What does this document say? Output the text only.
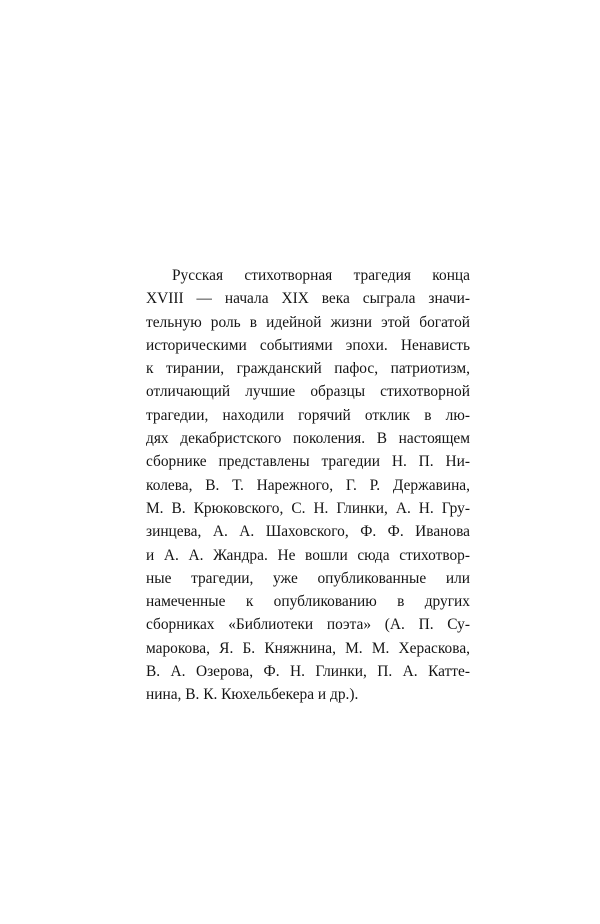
Русская стихотворная трагедия конца
XVIII — начала XIX века сыграла значи-
тельную роль в идейной жизни этой богатой
историческими событиями эпохи. Ненависть
к тирании, гражданский пафос, патриотизм,
отличающий лучшие образцы стихотворной
трагедии, находили горячий отклик в лю-
дях декабристского поколения. В настоящем
сборнике представлены трагедии Н. П. Ни-
колева, В. Т. Нарежного, Г. Р. Державина,
М. В. Крюковского, С. Н. Глинки, А. Н. Гру-
зинцева, А. А. Шаховского, Ф. Ф. Иванова
и А. А. Жандра. Не вошли сюда стихотвор-
ные трагедии, уже опубликованные или
намеченные к опубликованию в других
сборниках «Библиотеки поэта» (А. П. Су-
марокова, Я. Б. Княжнина, М. М. Хераскова,
В. А. Озерова, Ф. Н. Глинки, П. А. Катте-
нина, В. К. Кюхельбекера и др.).
